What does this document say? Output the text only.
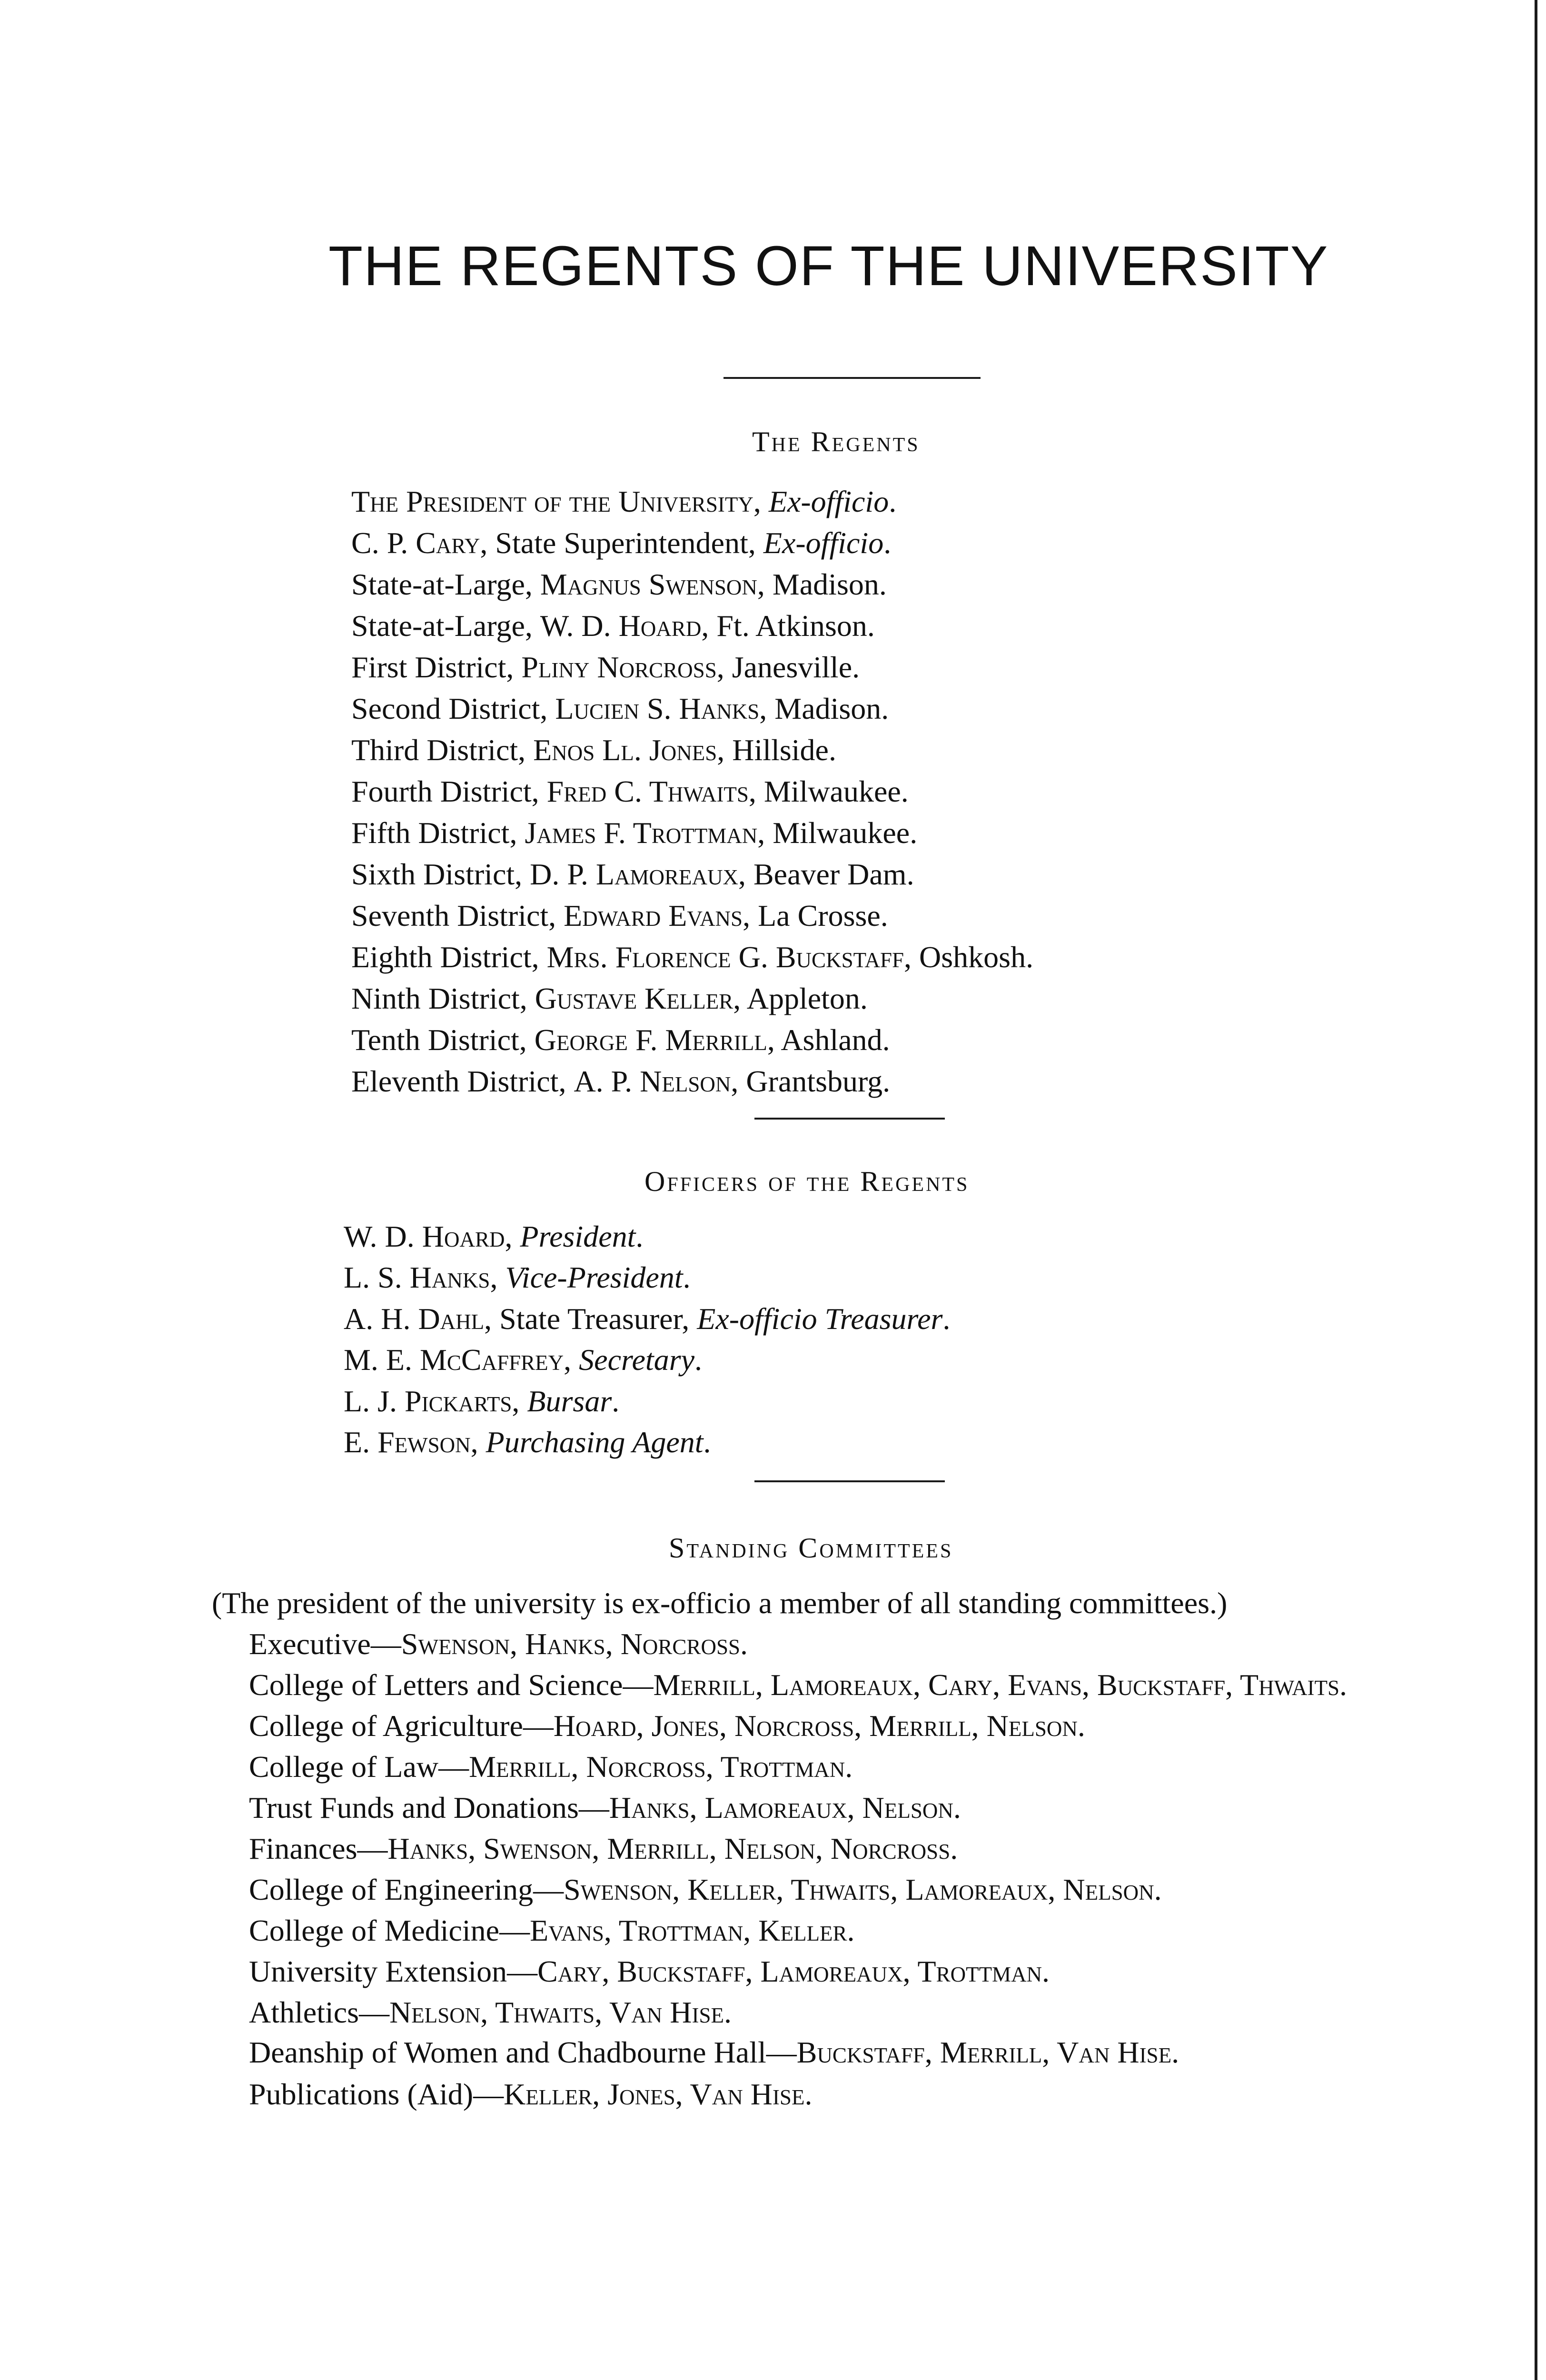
THE REGENTS OF THE UNIVERSITY
The Regents
The President of the University, Ex-officio.
C. P. Cary, State Superintendent, Ex-officio.
State-at-Large, Magnus Swenson, Madison.
State-at-Large, W. D. Hoard, Ft. Atkinson.
First District, Pliny Norcross, Janesville.
Second District, Lucien S. Hanks, Madison.
Third District, Enos Ll. Jones, Hillside.
Fourth District, Fred C. Thwaits, Milwaukee.
Fifth District, James F. Trottman, Milwaukee.
Sixth District, D. P. Lamoreaux, Beaver Dam.
Seventh District, Edward Evans, La Crosse.
Eighth District, Mrs. Florence G. Buckstaff, Oshkosh.
Ninth District, Gustave Keller, Appleton.
Tenth District, George F. Merrill, Ashland.
Eleventh District, A. P. Nelson, Grantsburg.
Officers of the Regents
W. D. Hoard, President.
L. S. Hanks, Vice-President.
A. H. Dahl, State Treasurer, Ex-officio Treasurer.
M. E. McCaffrey, Secretary.
L. J. Pickarts, Bursar.
E. Fewson, Purchasing Agent.
Standing Committees

(The president of the university is ex-officio a member of all standing committees.)

Executive—Swenson, Hanks, Norcross.

College of Letters and Science—Merrill, Lamoreaux, Cary, Evans, Buckstaff, Thwaits.

College of Agriculture—Hoard, Jones, Norcross, Merrill, Nelson.

College of Law—Merrill, Norcross, Trottman.

Trust Funds and Donations—Hanks, Lamoreaux, Nelson.

Finances—Hanks, Swenson, Merrill, Nelson, Norcross.

College of Engineering—Swenson, Keller, Thwaits, Lamoreaux, Nelson.

College of Medicine—Evans, Trottman, Keller.

University Extension—Cary, Buckstaff, Lamoreaux, Trottman.

Athletics—Nelson, Thwaits, Van Hise.

Deanship of Women and Chadbourne Hall—Buckstaff, Merrill, Van Hise.

Publications (Aid)—Keller, Jones, Van Hise.
